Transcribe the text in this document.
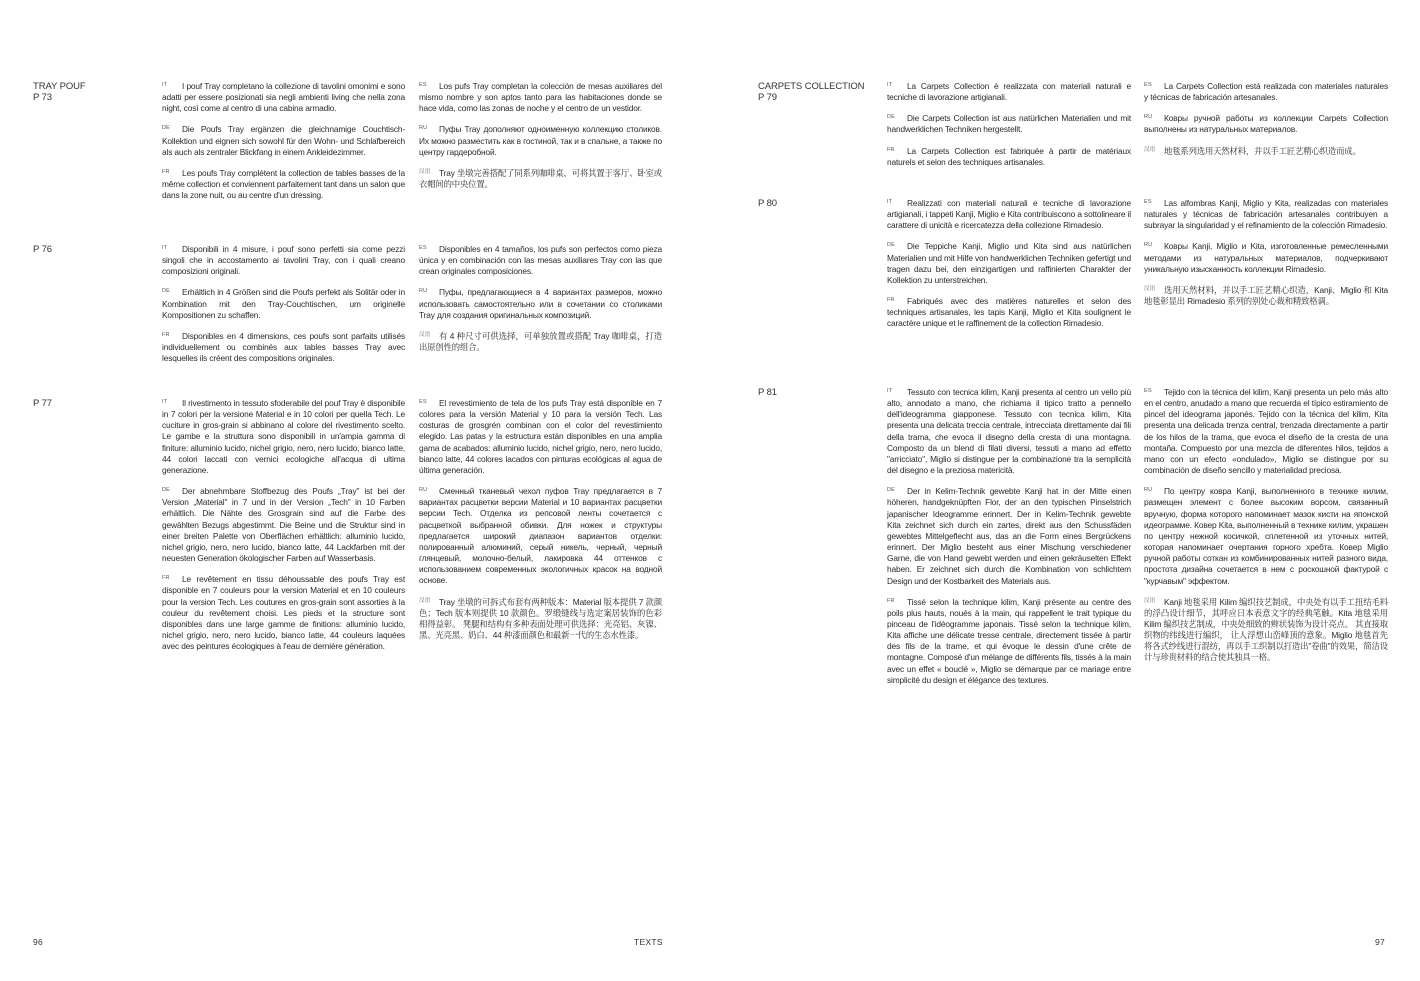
TRAY POUF
P 73
IT	I pouf Tray completano la collezione di tavolini omonimi e sono adatti per essere posizionati sia negli ambienti living che nella zona night, così come al centro di una cabina armadio.
DE	Die Poufs Tray ergänzen die gleichnamige Couchtisch-Kollektion und eignen sich sowohl für den Wohn- und Schlafbereich als auch als zentraler Blickfang in einem Ankleidezimmer.
FR	Les poufs Tray complètent la collection de tables basses de la même collection et conviennent parfaitement tant dans un salon que dans la zone nuit, ou au centre d'un dressing.
ES	Los pufs Tray completan la colección de mesas auxiliares del mismo nombre y son aptos tanto para las habitaciones donde se hace vida, como las zonas de noche y el centro de un vestidor.
RU	Пуфы Tray дополняют одноименную коллекцию столиков. Их можно разместить как в гостиной, так и в спальне, а также по центру гардеробной.
汉语	Tray 坐墩完善搭配了同系列咖啡桌，可将其置于客厅、卧室或衣帽间的中央位置。
P 76	IT	Disponibili in 4 misure, i pouf sono perfetti sia come pezzi singoli che in accostamento ai tavolini Tray, con i quali creano composizioni originali.
DE	Erhältlich in 4 Größen sind die Poufs perfekt als Solitär oder in Kombination mit den Tray-Couchtischen, um originelle Kompositionen zu schaffen.
FR	Disponibles en 4 dimensions, ces poufs sont parfaits utilisés individuellement ou combinés aux tables basses Tray avec lesquelles ils créent des compositions originales.
ES	Disponibles en 4 tamaños, los pufs son perfectos como pieza única y en combinación con las mesas auxiliares Tray con las que crean originales composiciones.
RU	Пуфы, предлагающиеся в 4 вариантах размеров, можно использовать самостоятельно или в сочетании со столиками Tray для создания оригинальных композиций.
汉语	有 4 种尺寸可供选择，可单独放置或搭配 Tray 咖啡桌，打造出原创性的组合。
P 77	IT	Il rivestimento in tessuto sfoderabile del pouf Tray è disponibile in 7 colori per la versione Material e in 10 colori per quella Tech. Le cuciture in gros-grain si abbinano al colore del rivestimento scelto. Le gambe e la struttura sono disponibili in un'ampia gamma di finiture: alluminio lucido, nichel grigio, nero, nero lucido, bianco latte, 44 colori laccati con vernici ecologiche all'acqua di ultima generazione.
DE	Der abnehmbare Stoffbezug des Poufs „Tray" ist bei der Version „Material" in 7 und in der Version „Tech" in 10 Farben erhältlich. Die Nähte des Grosgrain sind auf die Farbe des gewählten Bezugs abgestimmt. Die Beine und die Struktur sind in einer breiten Palette von Oberflächen erhältlich: alluminio lucido, nichel grigio, nero, nero lucido, bianco latte, 44 Lackfarben mit der neuesten Generation ökologischer Farben auf Wasserbasis.
FR	Le revêtement en tissu déhoussable des poufs Tray est disponible en 7 couleurs pour la version Material et en 10 couleurs pour la version Tech. Les coutures en gros-grain sont assorties à la couleur du revêtement choisi. Les pieds et la structure sont disponibles dans une large gamme de finitions: alluminio lucido, nichel grigio, nero, nero lucido, bianco latte, 44 couleurs laquées avec des peintures écologiques à l'eau de dernière génération.
ES	El revestimiento de tela de los pufs Tray está disponible en 7 colores para la versión Material y 10 para la versión Tech. Las costuras de grosgrén combinan con el color del revestimiento elegido. Las patas y la estructura están disponibles en una amplia gama de acabados: alluminio lucido, nichel grigio, nero, nero lucido, bianco latte, 44 colores lacados con pinturas ecológicas al agua de última generación.
RU	Сменный тканевый чехол пуфов Tray предлагается в 7 вариантах расцветки версии Material и 10 вариантах расцветки версии Tech. Отделка из репсовой ленты сочетается с расцветкой выбранной обивки. Для ножек и структуры предлагается широкий диапазон вариантов отделки: полированный алюминий, серый никель, черный, черный глянцевый, молочно-белый, лакировка 44 оттенков с использованием современных экологичных красок на водной основе.
汉语	Tray 坐墩的可拆式布套有两种版本：Material 版本提供 7 款颜色；Tech 版本则提供 10 款颜色。罗缎缝线与选定案居装饰的色彩相得益彰。 凳腿和结构有多种表面处理可供选择：光亮铝、灰镍、黑、光亮黑、奶白、44 种漆面颜色和最新一代的生态水性漆。
CARPETS COLLECTION
P 79
IT	La Carpets Collection è realizzata con materiali naturali e tecniche di lavorazione artigianali.
DE	Die Carpets Collection ist aus natürlichen Materialien und mit handwerklichen Techniken hergestellt.
FR	La Carpets Collection est fabriquée à partir de matériaux naturels et selon des techniques artisanales.
ES	La Carpets Collection está realizada con materiales naturales y técnicas de fabricación artesanales.
RU	Ковры ручной работы из коллекции Carpets Collection выполнены из натуральных материалов.
汉语	地毯系列选用天然材料，并以手工匠艺精心织造而成。
P 80	IT	Realizzati con materiali naturali e tecniche di lavorazione artigianali, i tappeti Kanji, Miglio e Kita contribuiscono a sottolineare il carattere di unicità e ricercatezza della collezione Rimadesio.
DE	Die Teppiche Kanji, Miglio und Kita sind aus natürlichen Materialien und mit Hilfe von handwerklichen Techniken gefertigt und tragen dazu bei, den einzigartigen und raffinierten Charakter der Kollektion zu unterstreichen.
FR	Fabriqués avec des matières naturelles et selon des techniques artisanales, les tapis Kanji, Miglio et Kita soulignent le caractère unique et le raffinement de la collection Rimadesio.
ES	Las alfombras Kanji, Miglio y Kita, realizadas con materiales naturales y técnicas de fabricación artesanales contribuyen a subrayar la singularidad y el refinamiento de la colección Rimadesio.
RU	Ковры Kanji, Miglio и Kita, изготовленные ремесленными методами из натуральных материалов, подчеркивают уникальную изысканность коллекции Rimadesio.
汉语	选用天然材料，并以手工匠艺精心织造，Kanji、Miglio 和 Kita 地毯彰显出 Rimadesio 系列的别处心裁和精致格调。
P 81	IT	Tessuto con tecnica kilim, Kanji presenta al centro un vello più alto, annodato a mano, che richiama il tipico tratto a pennello dell'ideogramma giapponese. Tessuto con tecnica kilim, Kita presenta una delicata treccia centrale, intrecciata direttamente dai fili della trama, che evoca il disegno della cresta di una montagna. Composto da un blend di filati diversi, tessuti a mano ad effetto "arricciato", Miglio si distingue per la combinazione tra la semplicità del disegno e la preziosa matericità.
DE	Der in Kelim-Technik gewebte Kanji hat in der Mitte einen höheren, handgeknüpften Flor, der an den typischen Pinselstrich japanischer Ideogramme erinnert. Der in Kelim-Technik gewebte Kita zeichnet sich durch ein zartes, direkt aus den Schussfäden gewebtes Mittelgeflecht aus, das an die Form eines Bergrückens erinnert. Der Miglio besteht aus einer Mischung verschiedener Garne, die von Hand gewebt werden und einen gekräuselten Effekt haben. Er zeichnet sich durch die Kombination von schlichtem Design und der Kostbarkeit des Materials aus.
FR	Tissé selon la technique kilim, Kanji présente au centre des poils plus hauts, noués à la main, qui rappellent le trait typique du pinceau de l'idéogramme japonais. Tissé selon la technique kilim, Kita affiche une délicate tresse centrale, directement tissée à partir des fils de la trame, et qui évoque le dessin d'une crête de montagne. Composé d'un mélange de différents fils, tissés à la main avec un effet « bouclé », Miglio se démarque par ce mariage entre simplicité du design et élégance des textures.
ES	Tejido con la técnica del kilim, Kanji presenta un pelo más alto en el centro, anudado a mano que recuerda el típico estiramiento de pincel del ideograma japonés. Tejido con la técnica del kilim, Kita presenta una delicada trenza central, trenzada directamente a partir de los hilos de la trama, que evoca el diseño de la cresta de una montaña. Compuesto por una mezcla de diferentes hilos, tejidos a mano con un efecto «ondulado», Miglio se distingue por su combinación de diseño sencillo y materialidad preciosa.
RU	По центру ковра Kanji, выполненного в технике килим, размещен элемент с более высоким ворсом, связанный вручную, форма которого напоминает мазок кисти на японской идеограмме. Ковер Kita, выполненный в технике килим, украшен по центру нежной косичкой, сплетенной из уточных нитей, которая напоминает очертания горного хребта. Ковер Miglio ручной работы соткан из комбинированных нитей разного вида, простота дизайна сочетается в нем с роскошной фактурой с "курчавым" эффектом.
汉语	Kanji 地毯采用 Kilim 编织技艺制成，中央处有以手工扭结毛料的浮凸设计细节，其呼应日本表意文字的经典笔触。Kita 地毯采用 Kilim 编织技艺制成，中央处细致的辫状装饰为设计亮点。 其直接取织物的纬线进行编织， 让人浮想山峦峰顶的意象。Miglio 地毯首先将各式纱线进行混纺，再以手工织制以打造出"卷曲"的效果，简洁设计与珍贵材料的结合使其独具一格。
96	TEXTS	97
